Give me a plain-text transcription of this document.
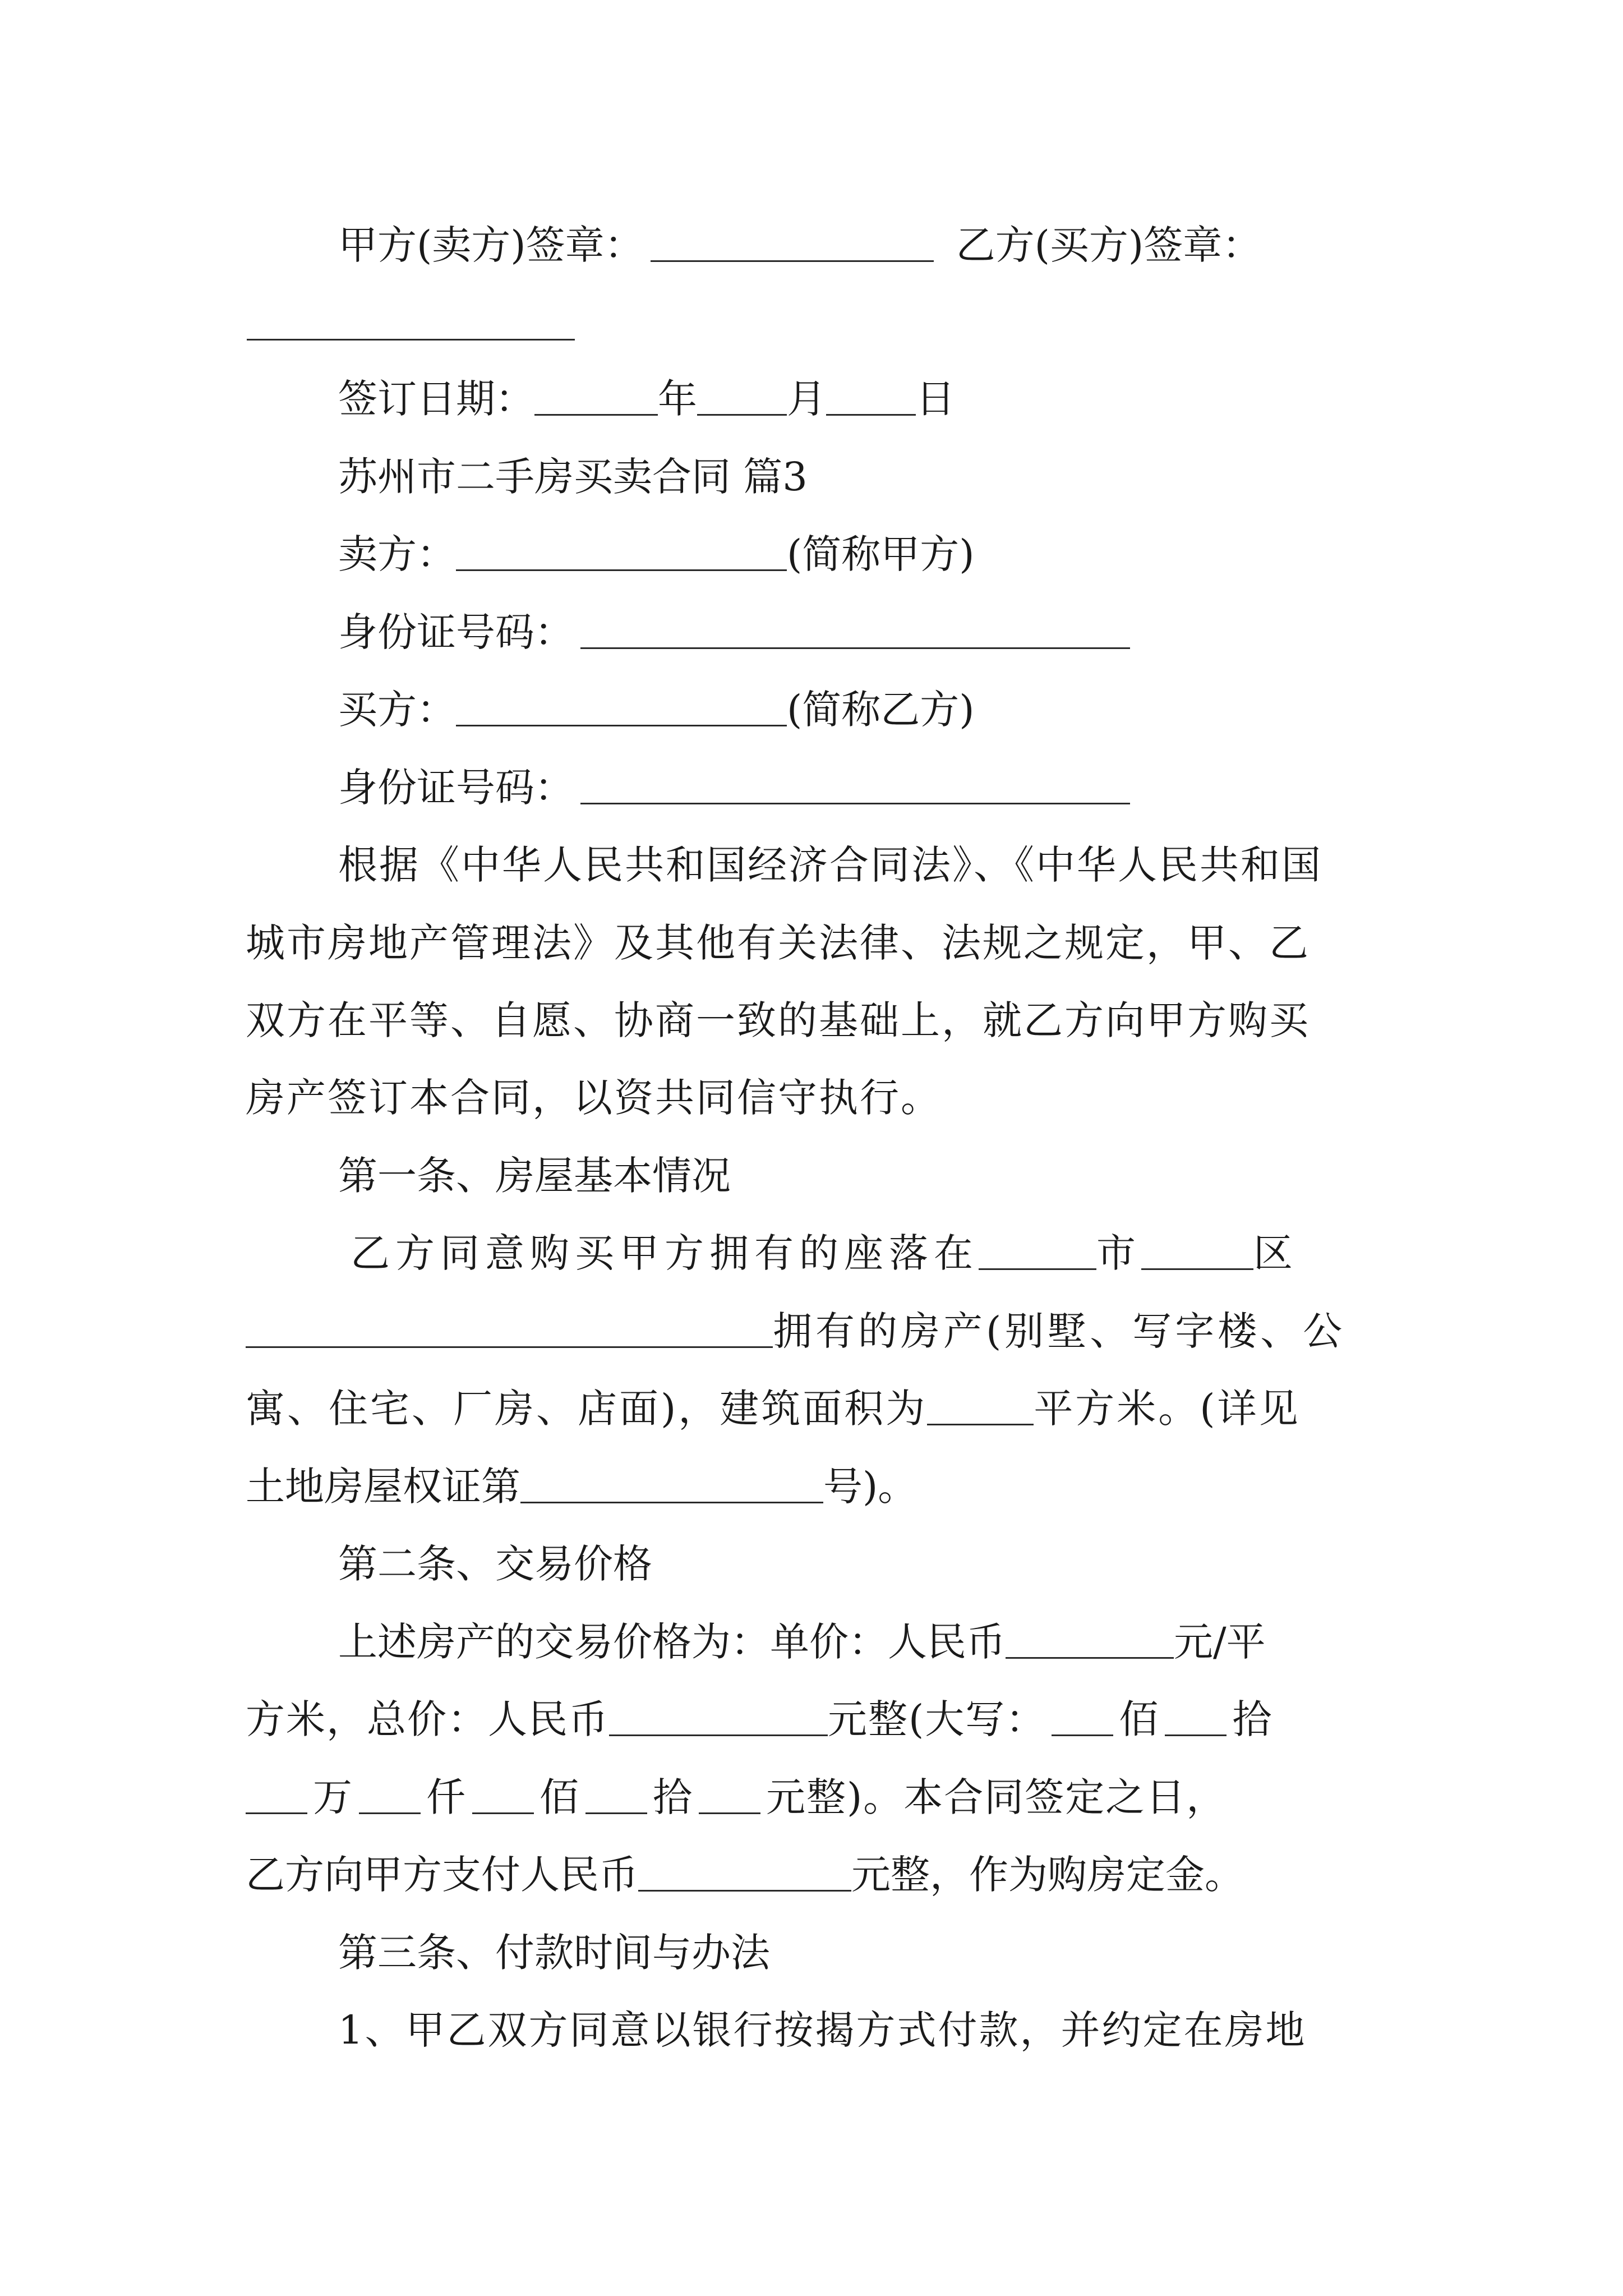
甲方(卖方)签章：	乙方(买方)签章：
签订日期：	年 月 日
苏州市二手房买卖合同 篇3
卖方：	(简称甲方)
身份证号码：
买方：	(简称乙方)
身份证号码：
根据《中华人民共和国经济合同法》、《中华人民共和国
城市房地产管理法》及其他有关法律、法规之规定，甲、乙
双方在平等、自愿、协商一致的基础上，就乙方向甲方购买
房产签订本合同，以资共同信守执行。
第一条、房屋基本情况
乙方同意购买甲方拥有的座落在	市	区
拥有的房产(别墅、写字楼、公
寓、住宅、厂房、店面)，建筑面积为	平方米。(详见
土地房屋权证第	号)。
第二条、交易价格
上述房产的交易价格为：单价：人民币	元/平
方米，总价：人民币	元整(大写： 佰 拾
万 仟 佰 拾 元整)。本合同签定之日，
乙方向甲方支付人民币	元整，作为购房定金。
第三条、付款时间与办法
1、甲乙双方同意以银行按揭方式付款，并约定在房地
